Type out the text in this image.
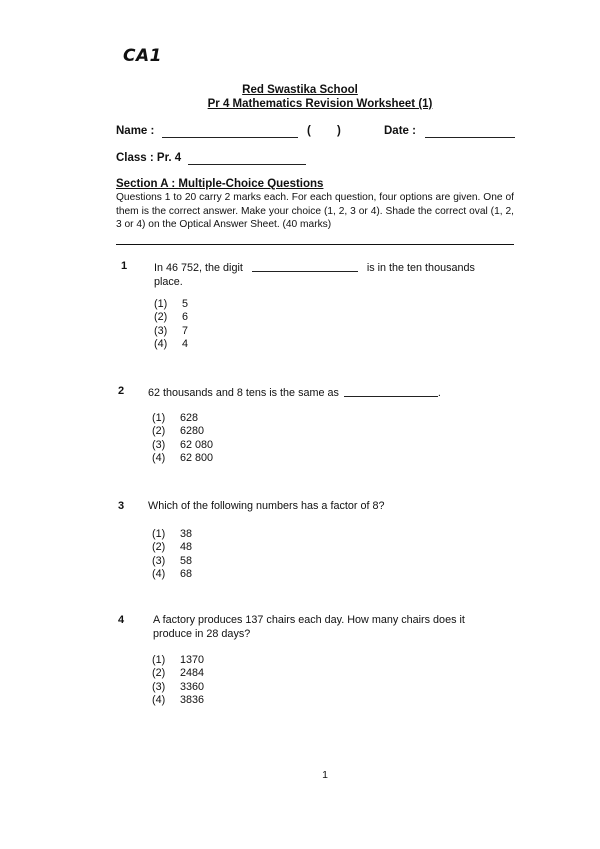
CA1
Red Swastika School
Pr 4 Mathematics Revision Worksheet (1)
Name :	( )	Date :
Class : Pr. 4
Section A : Multiple-Choice Questions
Questions 1 to 20 carry 2 marks each. For each question, four options are given. One of them is the correct answer. Make your choice (1, 2, 3 or 4). Shade the correct oval (1, 2, 3 or 4) on the Optical Answer Sheet. (40 marks)
1 In 46 752, the digit	is in the ten thousands
place.
(1) 5
(2) 6
(3) 7
(4) 4
2 62 thousands and 8 tens is the same as	.
(1) 628
(2) 6280
(3) 62 080
(4) 62 800
3 Which of the following numbers has a factor of 8?
(1) 38
(2) 48
(3) 58
(4) 68
4	A factory produces 137 chairs each day. How many chairs does it
produce in 28 days?
(1) 1370
(2) 2484
(3) 3360
(4) 3836
1
